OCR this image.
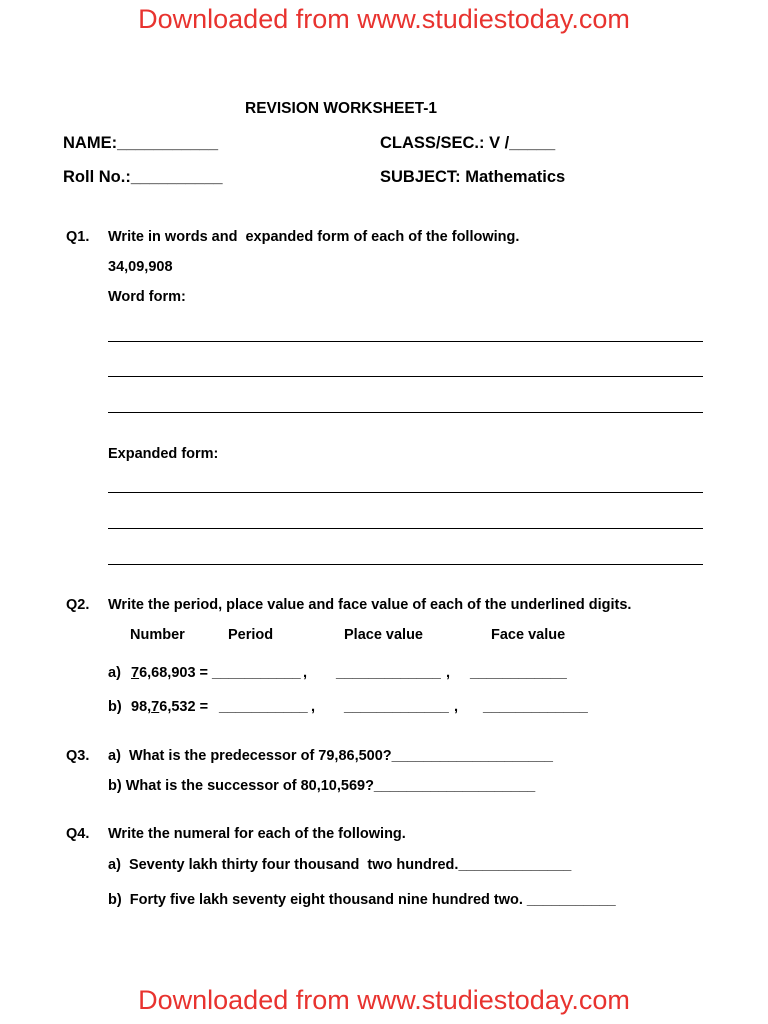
Downloaded from www.studiestoday.com
REVISION WORKSHEET-1
NAME:___________	CLASS/SEC.: V /_____
Roll No.:__________	SUBJECT: Mathematics
Q1. Write in words and  expanded form of each of the following.
34,09,908
Word form:
Expanded form:
Q2. Write the period, place value and face value of each of the underlined digits.
Number	Period	Place value	Face value
a) 76,68,903 = ___________ , _____________ , ____________
b) 98,76,532 = ___________ , _____________ , _____________
Q3. a)  What is the predecessor of 79,86,500?____________________
b) What is the successor of 80,10,569?____________________
Q4. Write the numeral for each of the following.
a)  Seventy lakh thirty four thousand  two hundred.______________
b)  Forty five lakh seventy eight thousand nine hundred two. ___________
Downloaded from www.studiestoday.com
